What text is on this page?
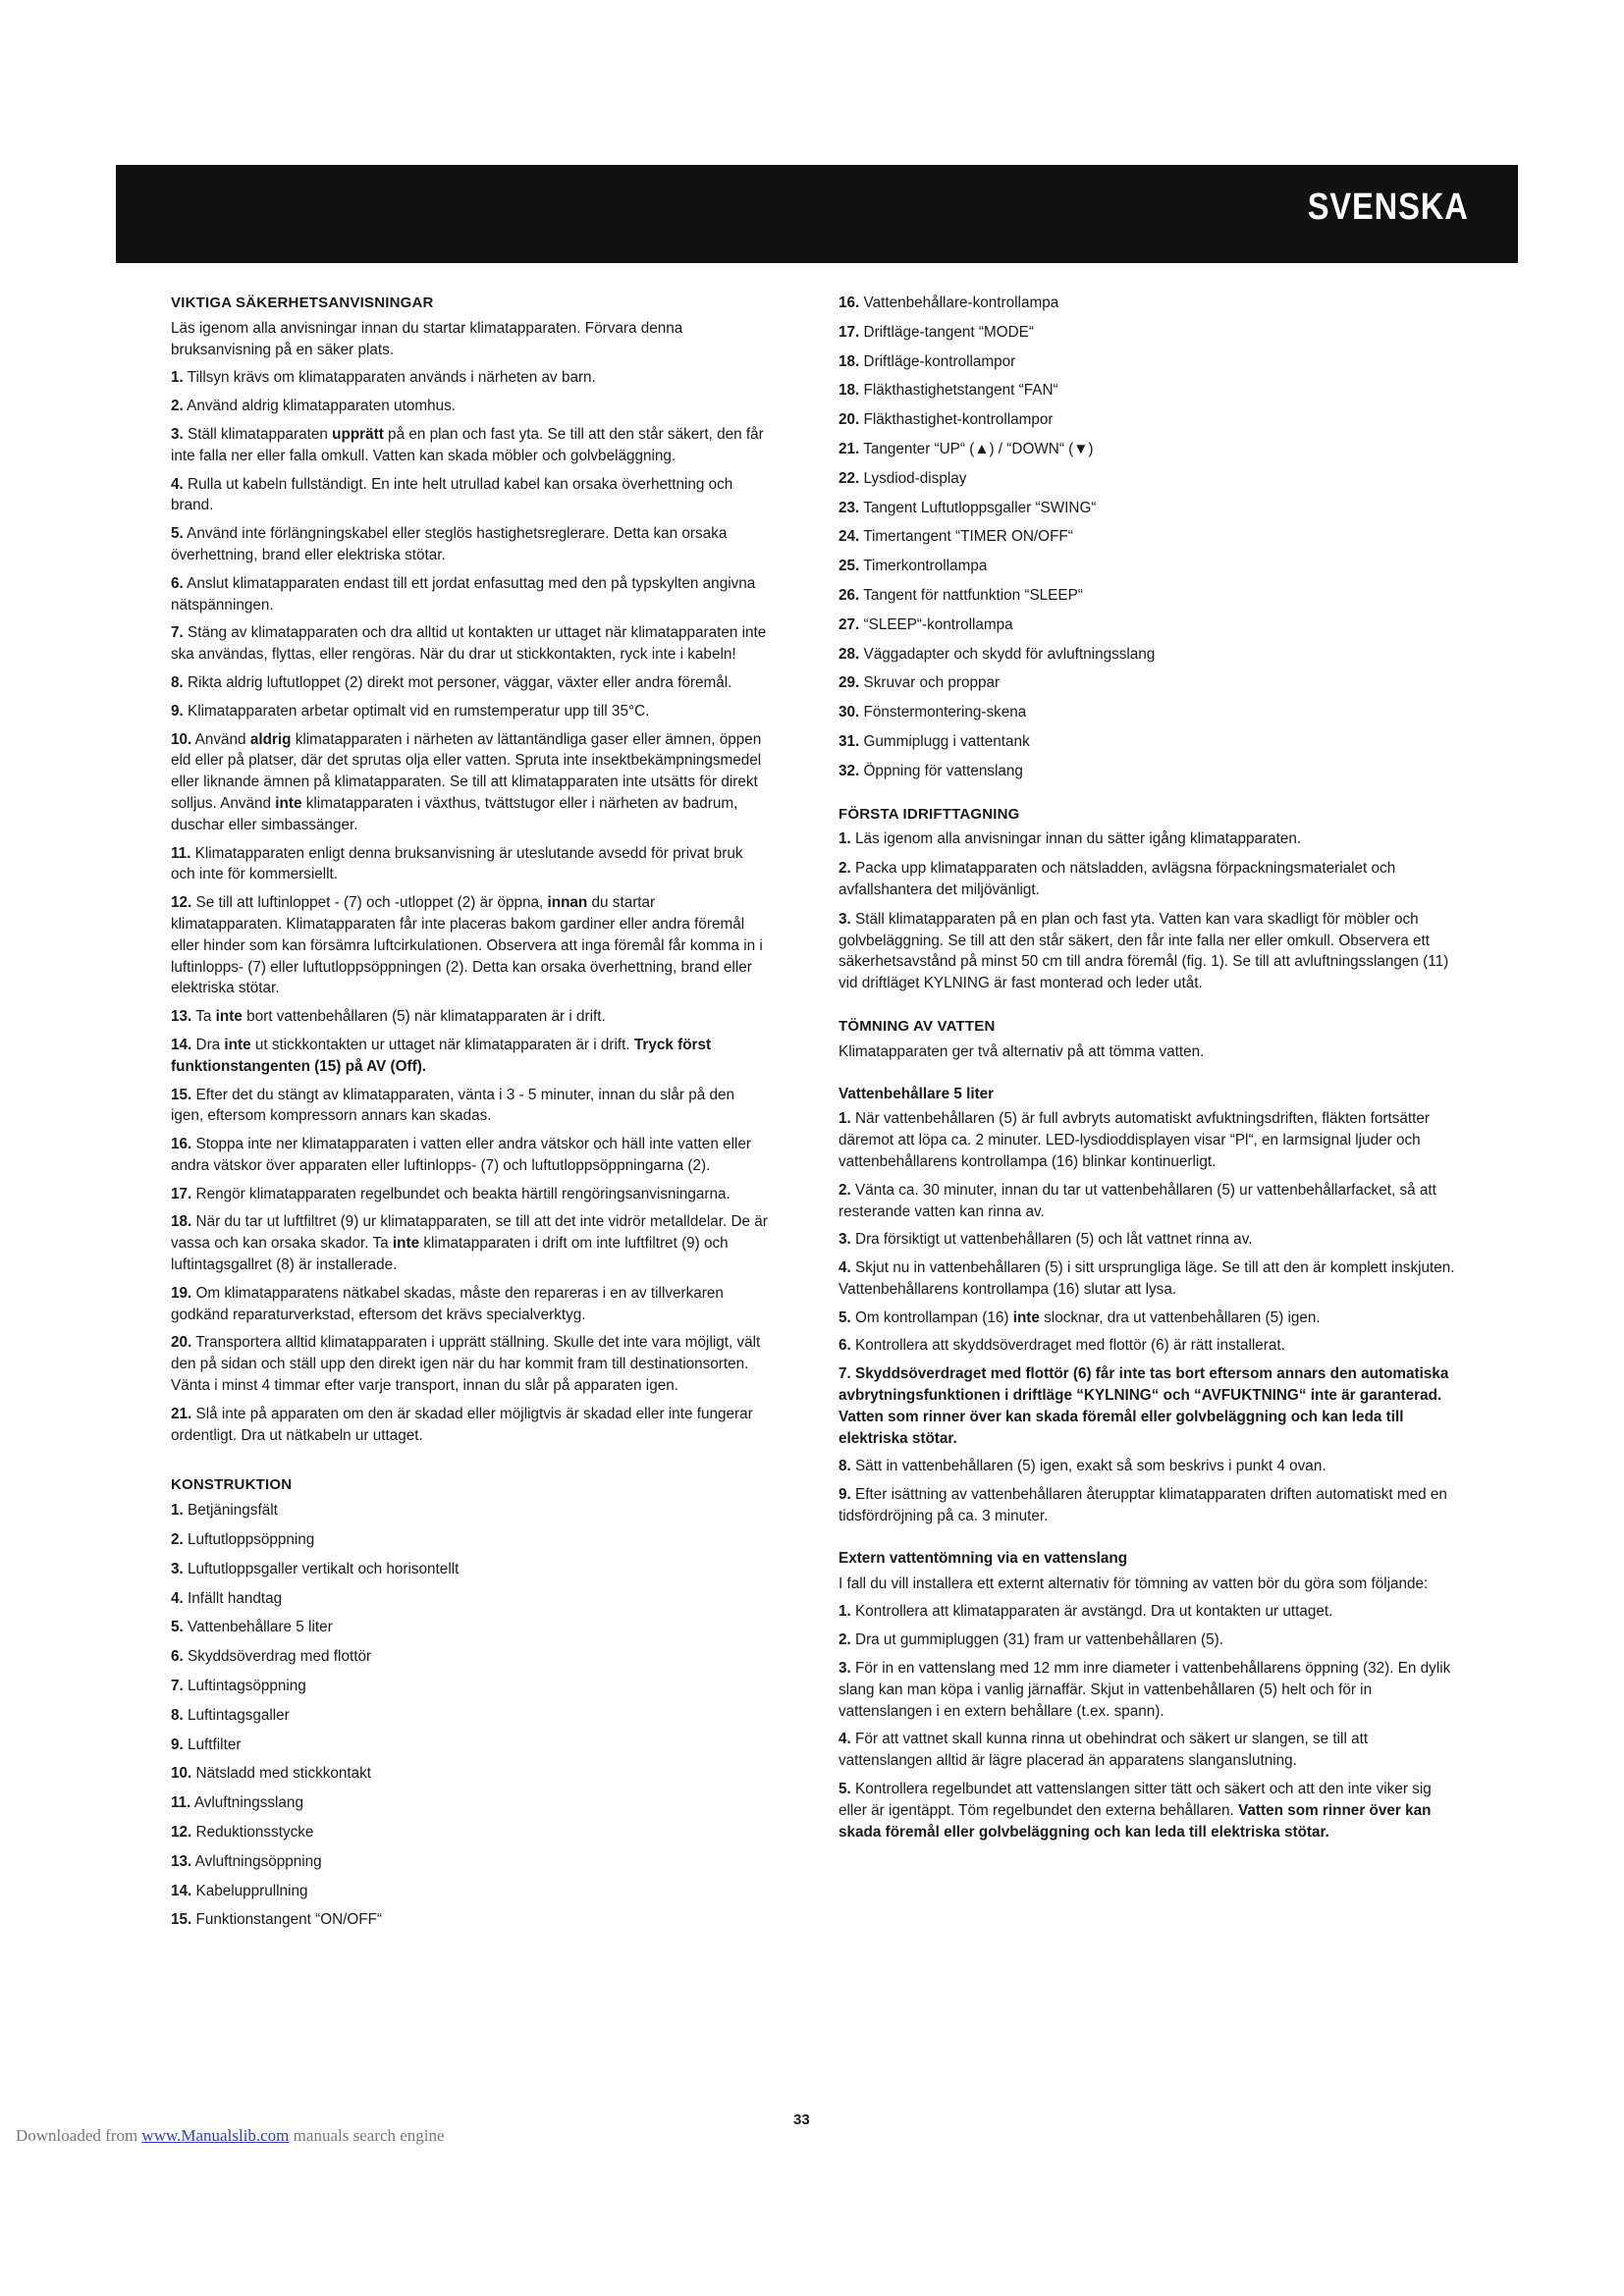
SVENSKA
VIKTIGA SÄKERHETSANVISNINGAR
Läs igenom alla anvisningar innan du startar klimatapparaten. Förvara denna bruksanvisning på en säker plats.
1. Tillsyn krävs om klimatapparaten används i närheten av barn.
2. Använd aldrig klimatapparaten utomhus.
3. Ställ klimatapparaten upprätt på en plan och fast yta. Se till att den står säkert, den får inte falla ner eller falla omkull. Vatten kan skada möbler och golvbeläggning.
4. Rulla ut kabeln fullständigt. En inte helt utrullad kabel kan orsaka överhettning och brand.
5. Använd inte förlängningskabel eller steglös hastighetsreglerare. Detta kan orsaka överhettning, brand eller elektriska stötar.
6. Anslut klimatapparaten endast till ett jordat enfasuttag med den på typskylten angivna nätspänningen.
7. Stäng av klimatapparaten och dra alltid ut kontakten ur uttaget när klimatapparaten inte ska användas, flyttas, eller rengöras. När du drar ut stickkontakten, ryck inte i kabeln!
8. Rikta aldrig luftutloppet (2) direkt mot personer, väggar, växter eller andra föremål.
9. Klimatapparaten arbetar optimalt vid en rumstemperatur upp till 35°C.
10. Använd aldrig klimatapparaten i närheten av lättantändliga gaser eller ämnen, öppen eld eller på platser, där det sprutas olja eller vatten. Spruta inte insektbekämpningsmedel eller liknande ämnen på klimatapparaten. Se till att klimatapparaten inte utsätts för direkt solljus. Använd inte klimatapparaten i växthus, tvättstugor eller i närheten av badrum, duschar eller simbassänger.
11. Klimatapparaten enligt denna bruksanvisning är uteslutande avsedd för privat bruk och inte för kommersiellt.
12. Se till att luftinloppet - (7) och -utloppet (2) är öppna, innan du startar klimatapparaten. Klimatapparaten får inte placeras bakom gardiner eller andra föremål eller hinder som kan försämra luftcirkulationen. Observera att inga föremål får komma in i luftinlopps- (7) eller luftutloppsöppningen (2). Detta kan orsaka överhettning, brand eller elektriska stötar.
13. Ta inte bort vattenbehållaren (5) när klimatapparaten är i drift.
14. Dra inte ut stickkontakten ur uttaget när klimatapparaten är i drift. Tryck först funktionstangenten (15) på AV (Off).
15. Efter det du stängt av klimatapparaten, vänta i 3 - 5 minuter, innan du slår på den igen, eftersom kompressorn annars kan skadas.
16. Stoppa inte ner klimatapparaten i vatten eller andra vätskor och häll inte vatten eller andra vätskor över apparaten eller luftinlopps- (7) och luftutloppsöppningarna (2).
17. Rengör klimatapparaten regelbundet och beakta härtill rengöringsanvisningarna.
18. När du tar ut luftfiltret (9) ur klimatapparaten, se till att det inte vidrör metalldelar. De är vassa och kan orsaka skador. Ta inte klimatapparaten i drift om inte luftfiltret (9) och luftintagsgallret (8) är installerade.
19. Om klimatapparatens nätkabel skadas, måste den repareras i en av tillverkaren godkänd reparaturverkstad, eftersom det krävs specialverktyg.
20. Transportera alltid klimatapparaten i upprätt ställning. Skulle det inte vara möjligt, vält den på sidan och ställ upp den direkt igen när du har kommit fram till destinationsorten. Vänta i minst 4 timmar efter varje transport, innan du slår på apparaten igen.
21. Slå inte på apparaten om den är skadad eller möjligtvis är skadad eller inte fungerar ordentligt. Dra ut nätkabeln ur uttaget.
KONSTRUKTION
1. Betjäningsfält
2. Luftutloppsöppning
3. Luftutloppsgaller vertikalt och horisontellt
4. Infällt handtag
5. Vattenbehållare 5 liter
6. Skyddsöverdrag med flottör
7. Luftintagsöppning
8. Luftintagsgaller
9. Luftfilter
10. Nätsladd med stickkontakt
11. Avluftningsslang
12. Reduktionsstycke
13. Avluftningsöppning
14. Kabelupprullning
15. Funktionstangent “ON/OFF“
16. Vattenbehållare-kontrollampa
17. Driftläge-tangent “MODE“
18. Driftläge-kontrollampor
18. Fläkthastighetstangent “FAN“
20. Fläkthastighet-kontrollampor
21. Tangenter “UP“ (▲) / “DOWN“ (▼)
22. Lysdiod-display
23. Tangent Luftutloppsgaller “SWING“
24. Timertangent “TIMER ON/OFF“
25. Timerkontrollampa
26. Tangent för nattfunktion “SLEEP“
27. “SLEEP“-kontrollampa
28. Väggadapter och skydd för avluftningsslang
29. Skruvar och proppar
30. Fönstermontering-skena
31. Gummiplugg i vattentank
32. Öppning för vattenslang
FÖRSTA IDRIFTTAGNING
1. Läs igenom alla anvisningar innan du sätter igång klimatapparaten.
2. Packa upp klimatapparaten och nätsladden, avlägsna förpackningsmaterialet och avfallshantera det miljövänligt.
3. Ställ klimatapparaten på en plan och fast yta. Vatten kan vara skadligt för möbler och golvbeläggning. Se till att den står säkert, den får inte falla ner eller omkull. Observera ett säkerhetsavstånd på minst 50 cm till andra föremål (fig. 1). Se till att avluftningsslangen (11) vid driftläget KYLNING är fast monterad och leder utåt.
TÖMNING AV VATTEN
Klimatapparaten ger två alternativ på att tömma vatten.
Vattenbehållare 5 liter
1. När vattenbehållaren (5) är full avbryts automatiskt avfuktningsdriften, fläkten fortsätter däremot att löpa ca. 2 minuter. LED-lysdioddisplayen visar “Pl“, en larmsignal ljuder och vattenbehållarens kontrollampa (16) blinkar kontinuerligt.
2. Vänta ca. 30 minuter, innan du tar ut vattenbehållaren (5) ur vattenbehållarfacket, så att resterande vatten kan rinna av.
3. Dra försiktigt ut vattenbehållaren (5) och låt vattnet rinna av.
4. Skjut nu in vattenbehållaren (5) i sitt ursprungliga läge. Se till att den är komplett inskjuten. Vattenbehållarens kontrollampa (16) slutar att lysa.
5. Om kontrollampan (16) inte slocknar, dra ut vattenbehållaren (5) igen.
6. Kontrollera att skyddsöverdraget med flottör (6) är rätt installerat.
7. Skyddsöverdraget med flottör (6) får inte tas bort eftersom annars den automatiska avbrytningsfunktionen i driftläge “KYLNING“ och “AVFUKTNING“ inte är garanterad. Vatten som rinner över kan skada föremål eller golvbeläggning och kan leda till elektriska stötar.
8. Sätt in vattenbehållaren (5) igen, exakt så som beskrivs i punkt 4 ovan.
9. Efter isättning av vattenbehållaren återupptar klimatapparaten driften automatiskt med en tidsfördröjning på ca. 3 minuter.
Extern vattentömning via en vattenslang
I fall du vill installera ett externt alternativ för tömning av vatten bör du göra som följande:
1. Kontrollera att klimatapparaten är avstängd. Dra ut kontakten ur uttaget.
2. Dra ut gummipluggen (31) fram ur vattenbehållaren (5).
3. För in en vattenslang med 12 mm inre diameter i vattenbehållarens öppning (32). En dylik slang kan man köpa i vanlig järnaffär. Skjut in vattenbehållaren (5) helt och för in vattenslangen i en extern behållare (t.ex. spann).
4. För att vattnet skall kunna rinna ut obehindrat och säkert ur slangen, se till att vattenslangen alltid är lägre placerad än apparatens slanganslutning.
5. Kontrollera regelbundet att vattenslangen sitter tätt och säkert och att den inte viker sig eller är igentäppt. Töm regelbundet den externa behållaren. Vatten som rinner över kan skada föremål eller golvbeläggning och kan leda till elektriska stötar.
33
Downloaded from www.Manualslib.com manuals search engine
